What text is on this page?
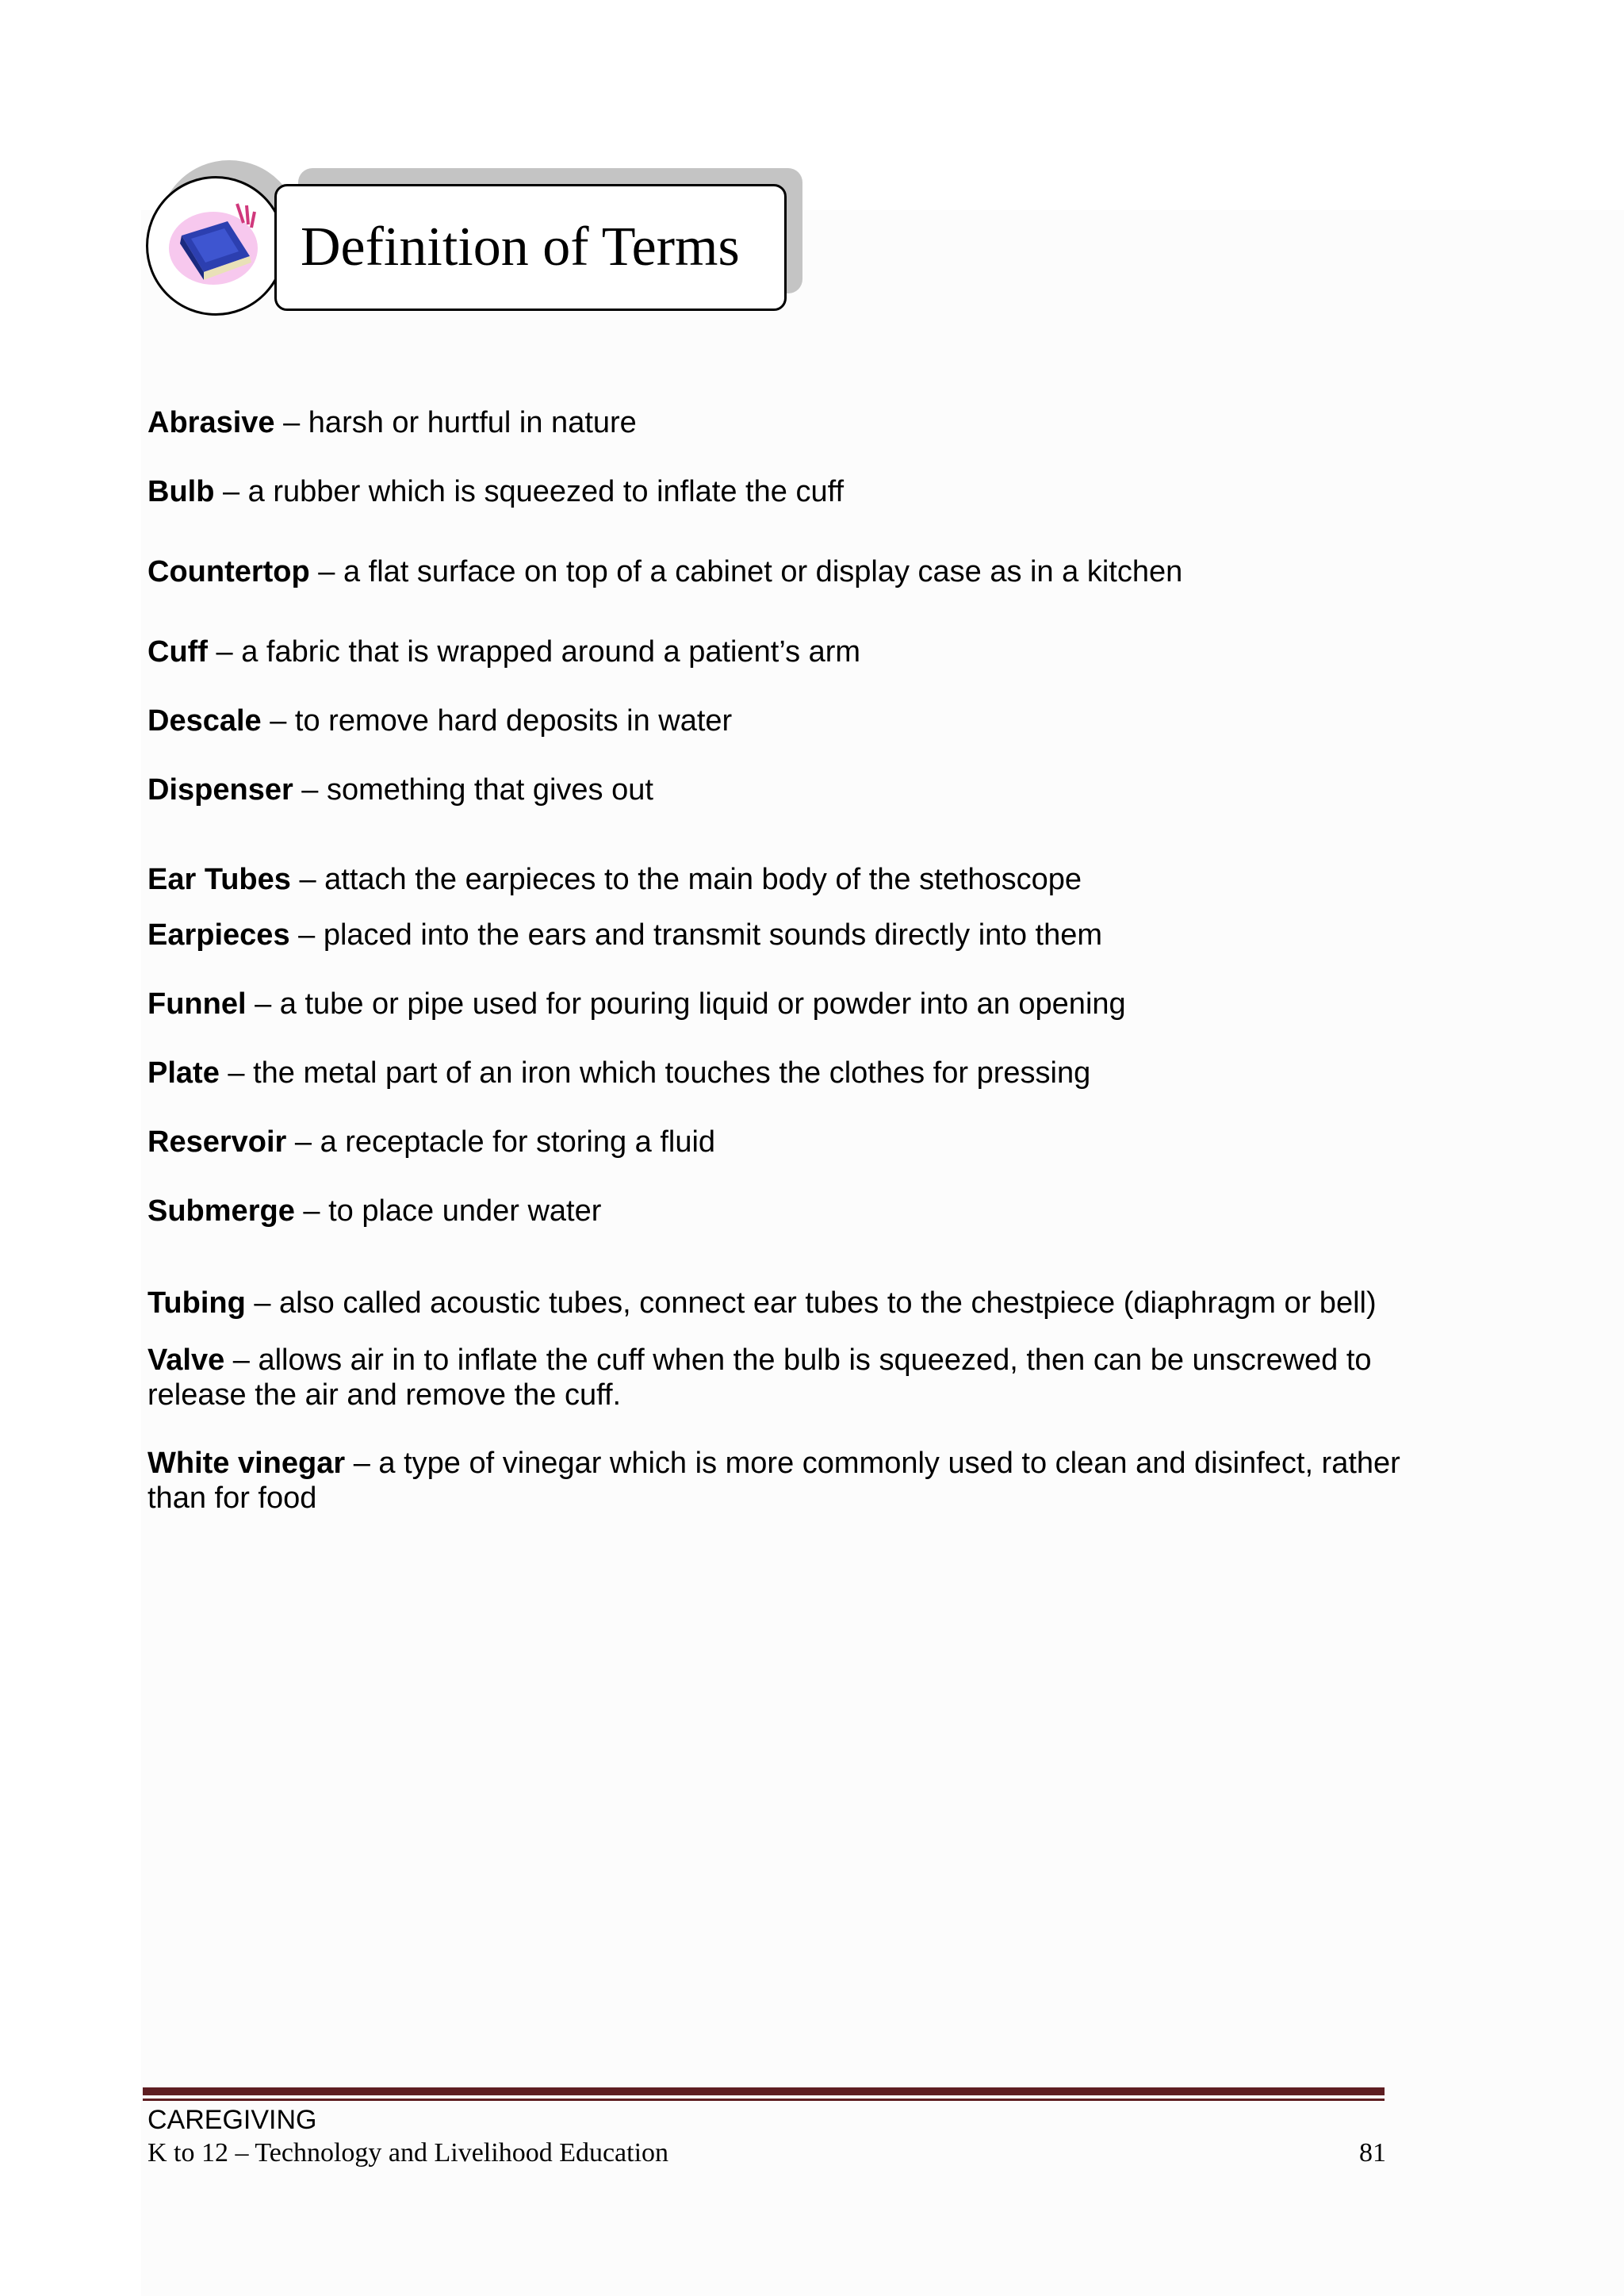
Definition of Terms
Abrasive – harsh or hurtful in nature
Bulb – a rubber which is squeezed to inflate the cuff
Countertop – a flat surface on top of a cabinet or display case as in a kitchen
Cuff – a fabric that is wrapped around a patient’s arm
Descale – to remove hard deposits in water
Dispenser – something that gives out
Ear Tubes – attach the earpieces to the main body of the stethoscope
Earpieces – placed into the ears and transmit sounds directly into them
Funnel – a tube or pipe used for pouring liquid or powder into an opening
Plate – the metal part of an iron which touches the clothes for pressing
Reservoir – a receptacle for storing a fluid
Submerge – to place under water
Tubing – also called acoustic tubes, connect ear tubes to the chestpiece (diaphragm or bell)
Valve – allows air in to inflate the cuff when the bulb is squeezed, then can be unscrewed to release the air and remove the cuff.
White vinegar – a type of vinegar which is more commonly used to clean and disinfect, rather than for food
CAREGIVING
K to 12 – Technology and Livelihood Education	81
